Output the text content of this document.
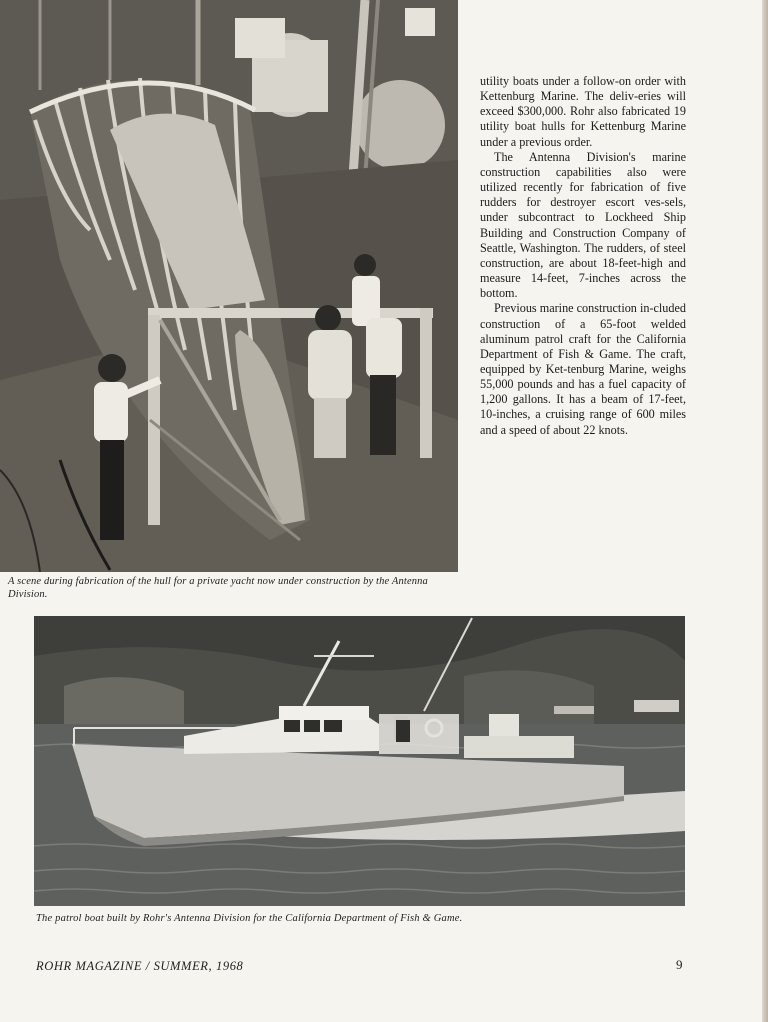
A scene during fabrication of the hull for a private yacht now under construction by the Antenna Division.

utility boats under a follow-on order with Kettenburg Marine. The deliv-eries will exceed $300,000. Rohr also fabricated 19 utility boat hulls for Kettenburg Marine under a previous order.

The Antenna Division's marine construction capabilities also were utilized recently for fabrication of five rudders for destroyer escort ves-sels, under subcontract to Lockheed Ship Building and Construction Company of Seattle, Washington. The rudders, of steel construction, are about 18-feet-high and measure 14-feet, 7-inches across the bottom.

Previous marine construction in-cluded construction of a 65-foot welded aluminum patrol craft for the California Department of Fish & Game. The craft, equipped by Ket-tenburg Marine, weighs 55,000 pounds and has a fuel capacity of 1,200 gallons. It has a beam of 17-feet, 10-inches, a cruising range of 600 miles and a speed of about 22 knots.

The patrol boat built by Rohr's Antenna Division for the California Department of Fish & Game.
ROHR MAGAZINE / SUMMER, 1968	9
